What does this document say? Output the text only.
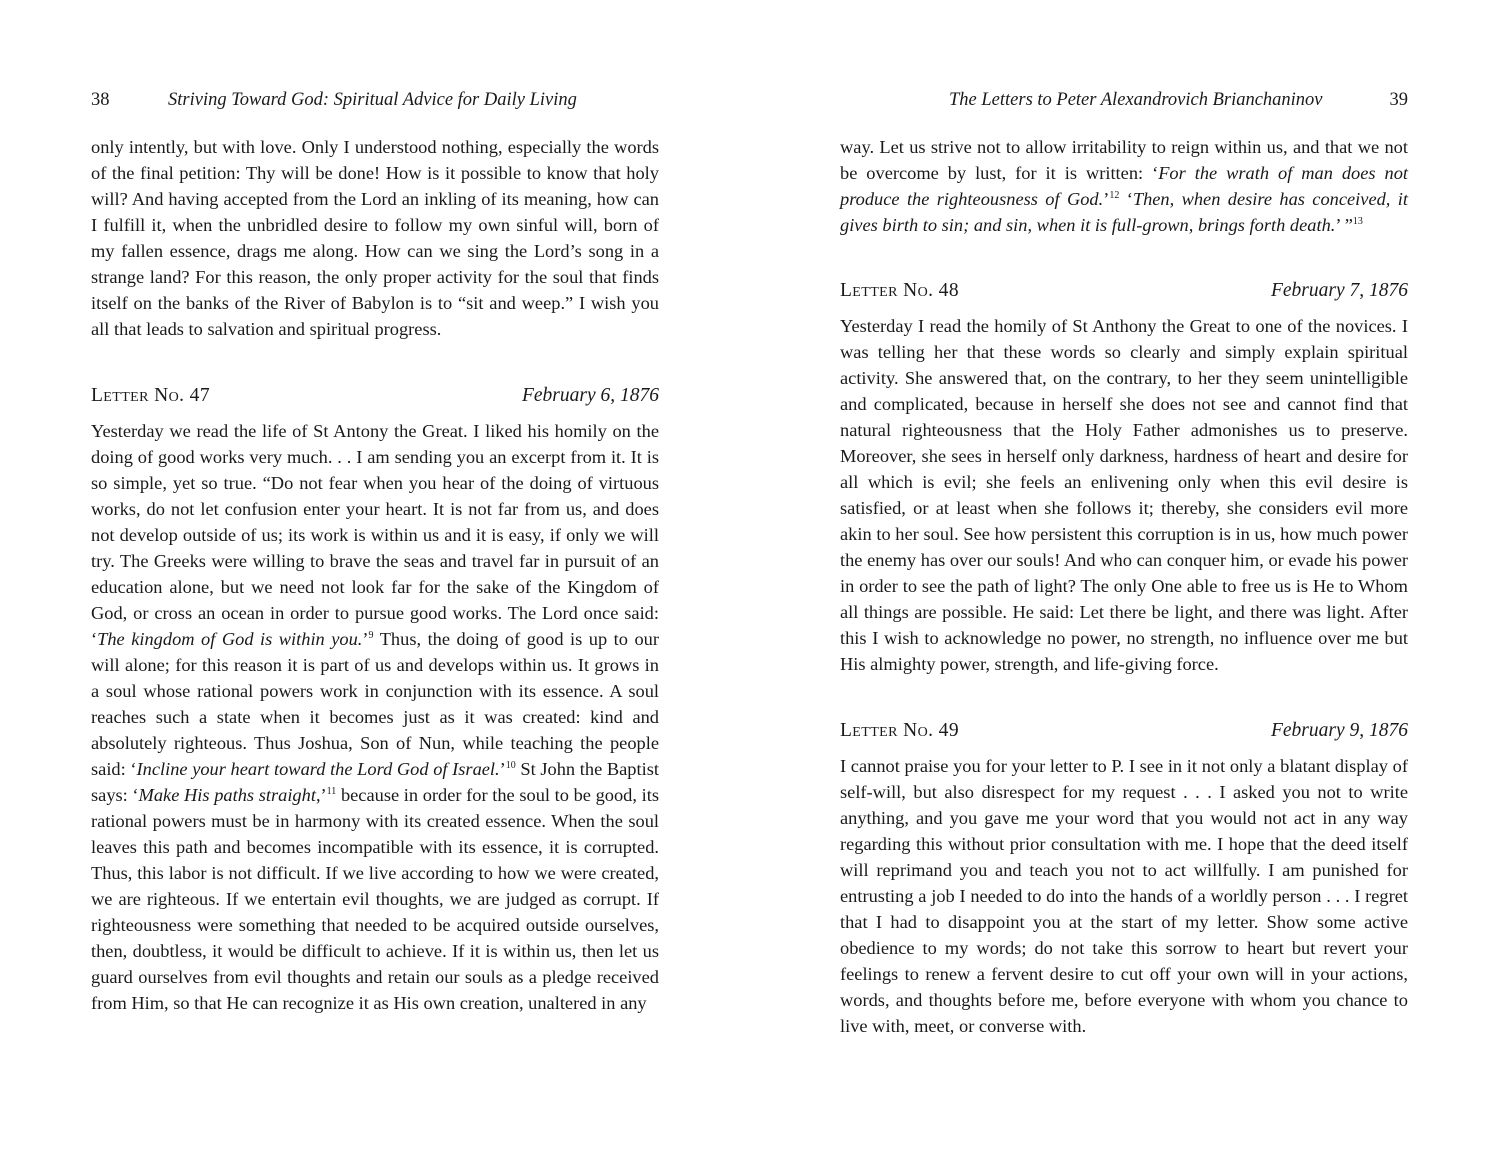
38	Striving Toward God: Spiritual Advice for Daily Living

only intently, but with love. Only I understood nothing, especially the words of the final petition: Thy will be done! How is it possible to know that holy will? And having accepted from the Lord an inkling of its meaning, how can I fulfill it, when the unbridled desire to follow my own sinful will, born of my fallen essence, drags me along. How can we sing the Lord’s song in a strange land? For this reason, the only proper activity for the soul that finds itself on the banks of the River of Babylon is to “sit and weep.” I wish you all that leads to salvation and spiritual progress.

Letter No. 47	February 6, 1876

Yesterday we read the life of St Antony the Great. I liked his homily on the doing of good works very much. . . I am sending you an excerpt from it. It is so simple, yet so true. “Do not fear when you hear of the doing of virtuous works, do not let confusion enter your heart. It is not far from us, and does not develop outside of us; its work is within us and it is easy, if only we will try. The Greeks were willing to brave the seas and travel far in pursuit of an education alone, but we need not look far for the sake of the Kingdom of God, or cross an ocean in order to pursue good works. The Lord once said: ‘The kingdom of God is within you.’$^9$ Thus, the doing of good is up to our will alone; for this reason it is part of us and develops within us. It grows in a soul whose rational powers work in conjunction with its essence. A soul reaches such a state when it becomes just as it was created: kind and absolutely righteous. Thus Joshua, Son of Nun, while teaching the people said: ‘Incline your heart toward the Lord God of Israel.’$^{10}$ St John the Baptist says: ‘Make His paths straight,’$^{11}$ because in order for the soul to be good, its rational powers must be in harmony with its created essence. When the soul leaves this path and becomes incompatible with its essence, it is corrupted. Thus, this labor is not difficult. If we live according to how we were created, we are righteous. If we entertain evil thoughts, we are judged as corrupt. If righteousness were something that needed to be acquired outside ourselves, then, doubtless, it would be difficult to achieve. If it is within us, then let us guard ourselves from evil thoughts and retain our souls as a pledge received from Him, so that He can recognize it as His own creation, unaltered in any

The Letters to Peter Alexandrovich Brianchaninov	39

way. Let us strive not to allow irritability to reign within us, and that we not be overcome by lust, for it is written: ‘For the wrath of man does not produce the righteousness of God.’$^{12}$ ‘Then, when desire has conceived, it gives birth to sin; and sin, when it is full-grown, brings forth death.’ ”$^{13}$

Letter No. 48	February 7, 1876

Yesterday I read the homily of St Anthony the Great to one of the novices. I was telling her that these words so clearly and simply explain spiritual activity. She answered that, on the contrary, to her they seem unintelligible and complicated, because in herself she does not see and cannot find that natural righteousness that the Holy Father admonishes us to preserve. Moreover, she sees in herself only darkness, hardness of heart and desire for all which is evil; she feels an enlivening only when this evil desire is satisfied, or at least when she follows it; thereby, she considers evil more akin to her soul. See how persistent this corruption is in us, how much power the enemy has over our souls! And who can conquer him, or evade his power in order to see the path of light? The only One able to free us is He to Whom all things are possible. He said: Let there be light, and there was light. After this I wish to acknowledge no power, no strength, no influence over me but His almighty power, strength, and life-giving force.

Letter No. 49	February 9, 1876

I cannot praise you for your letter to P. I see in it not only a blatant display of self-will, but also disrespect for my request . . . I asked you not to write anything, and you gave me your word that you would not act in any way regarding this without prior consultation with me. I hope that the deed itself will reprimand you and teach you not to act willfully. I am punished for entrusting a job I needed to do into the hands of a worldly person . . . I regret that I had to disappoint you at the start of my letter. Show some active obedience to my words; do not take this sorrow to heart but revert your feelings to renew a fervent desire to cut off your own will in your actions, words, and thoughts before me, before everyone with whom you chance to live with, meet, or converse with.
